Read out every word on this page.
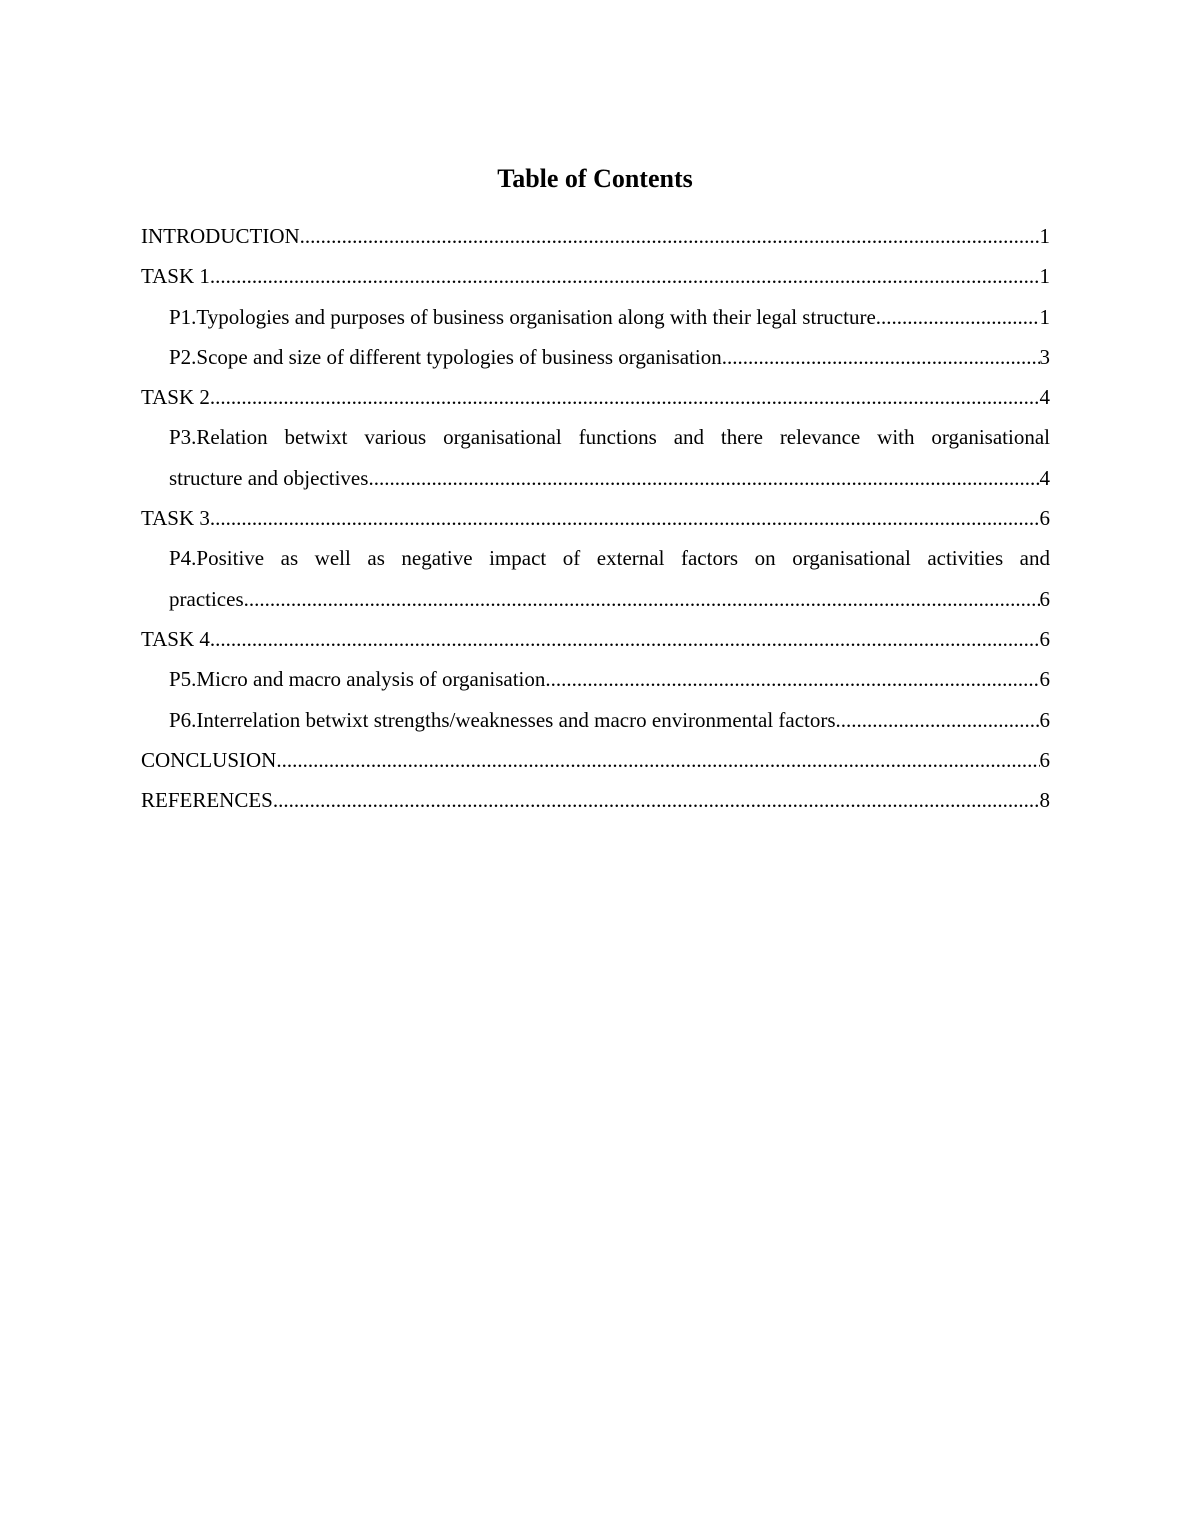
Table of Contents
INTRODUCTION .....	1
TASK 1 .....	1
P1.Typologies and purposes of business organisation along with their legal structure .....	1
P2.Scope and size of different typologies of business organisation .....	3
TASK 2 .....	4
P3.Relation betwixt various organisational functions and there relevance with organisational
structure and objectives .....	4
TASK 3 .....	6
P4.Positive as well as negative impact of external factors on organisational activities and
practices .....	6
TASK 4 .....	6
P5.Micro and macro analysis of organisation .....	6
P6.Interrelation betwixt strengths/weaknesses and macro environmental factors .....	6
CONCLUSION .....	6
REFERENCES .....	8
